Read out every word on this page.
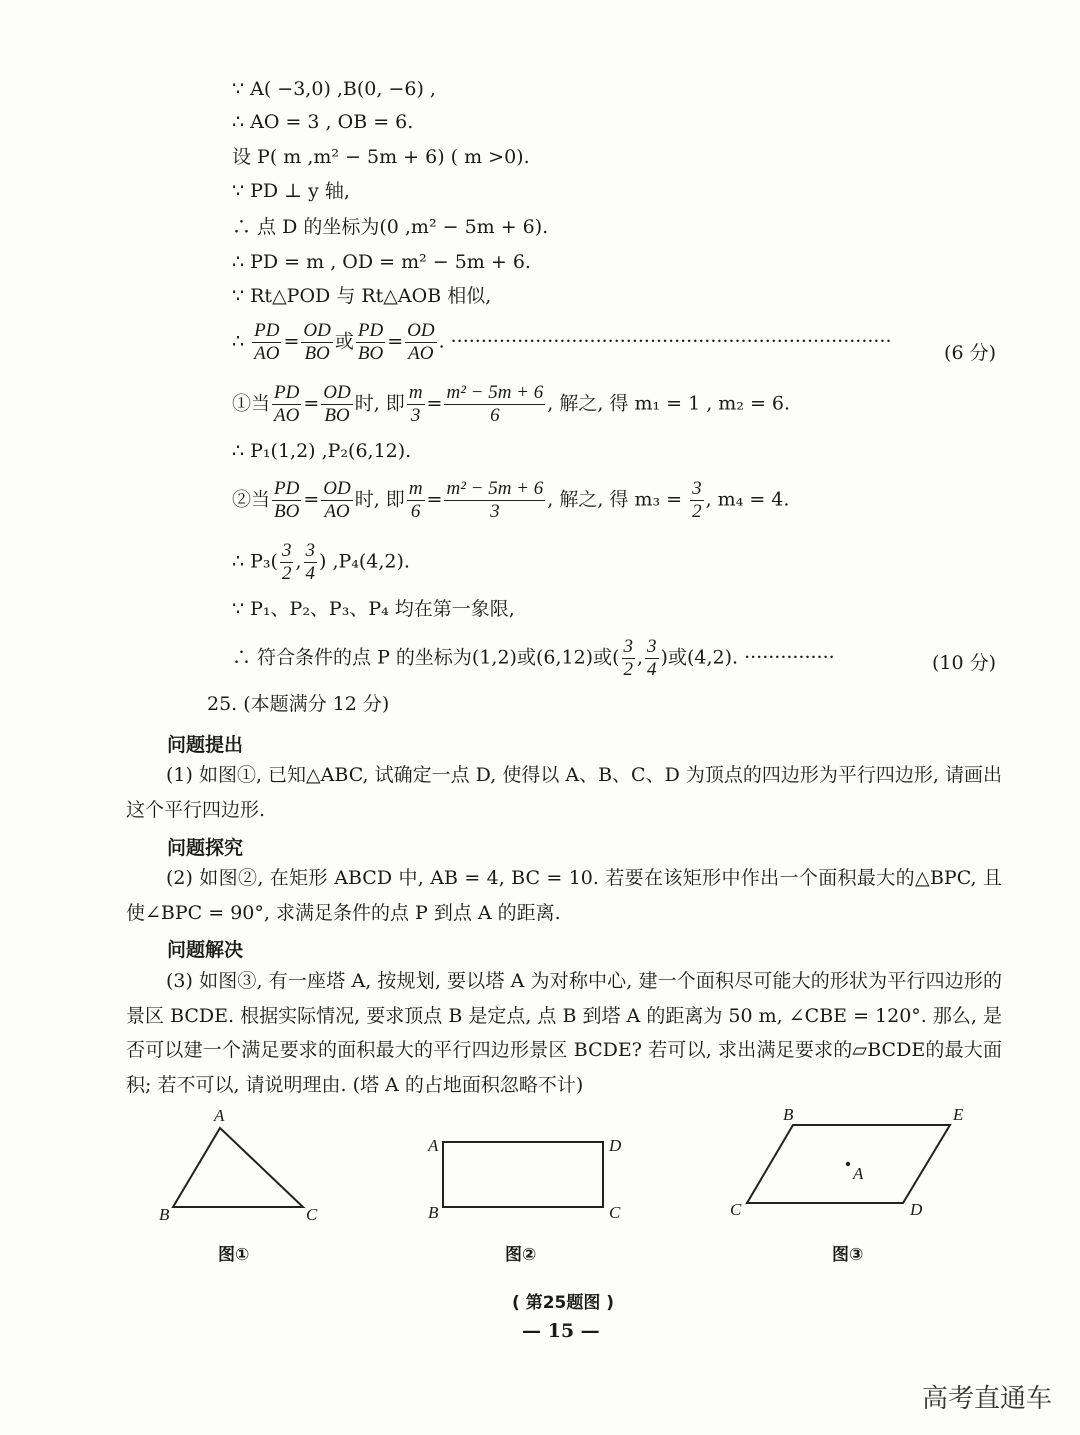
∵ A( −3,0) ,B(0, −6) ,
∴ AO = 3 , OB = 6.
设 P( m ,m² − 5m + 6) ( m >0).
∵ PD ⊥ y 轴,
∴ 点 D 的坐标为(0 ,m² − 5m + 6).
∴ PD = m , OD = m² − 5m + 6.
∵ Rt△POD 与 Rt△AOB 相似,
∴ $\frac{PD}{AO} = \frac{OD}{BO}$ 或 $\frac{PD}{BO} = \frac{OD}{AO}$ . ·········································································
①当 $\frac{PD}{AO} = \frac{OD}{BO}$ 时, 即 $\frac{m}{3} = \frac{\text{m² − 5m + 6}}{6}$ , 解之, 得 m₁ = 1 , m₂ = 6.
∴ P₁(1,2) ,P₂(6,12).
②当 $\frac{PD}{BO} = \frac{OD}{AO}$ 时, 即 $\frac{m}{6} = \frac{\text{m² − 5m + 6}}{3}$ , 解之, 得 $m_3 = \frac{3}{2}$ , m₄ = 4.
∴ $P_3( \frac{3}{2}$ , $\frac{3}{4}$ ) ,P₄(4,2).
∵ P₁、P₂、P₃、P₄ 均在第一象限,
∴ 符合条件的点 P 的坐标为(1,2)或(6,12)或( $\frac{3}{2}$ , $\frac{3}{4}$ )或(4,2). ···············
(6 分)
(10 分)
25. (本题满分 12 分)
问题提出
(1) 如图①, 已知△ABC, 试确定一点 D, 使得以 A、B、C、D 为顶点的四边形为平行四边形, 请画出这个平行四边形.
问题探究
(2) 如图②, 在矩形 ABCD 中, AB = 4, BC = 10. 若要在该矩形中作出一个面积最大的△BPC, 且使∠BPC = 90°, 求满足条件的点 P 到点 A 的距离.
问题解决
(3) 如图③, 有一座塔 A, 按规划, 要以塔 A 为对称中心, 建一个面积尽可能大的形状为平行四边形的景区 BCDE. 根据实际情况, 要求顶点 B 是定点, 点 B 到塔 A 的距离为 50 m, ∠CBE = 120°. 那么, 是否可以建一个满足要求的面积最大的平行四边形景区 BCDE? 若可以, 求出满足要求的▱BCDE的最大面积; 若不可以, 请说明理由. (塔 A 的占地面积忽略不计)
A
B	C
图①
A	D
B	C
图②
B	E
C	D
A
图③
( 第25题图 )
— 15 —
高考直通车
